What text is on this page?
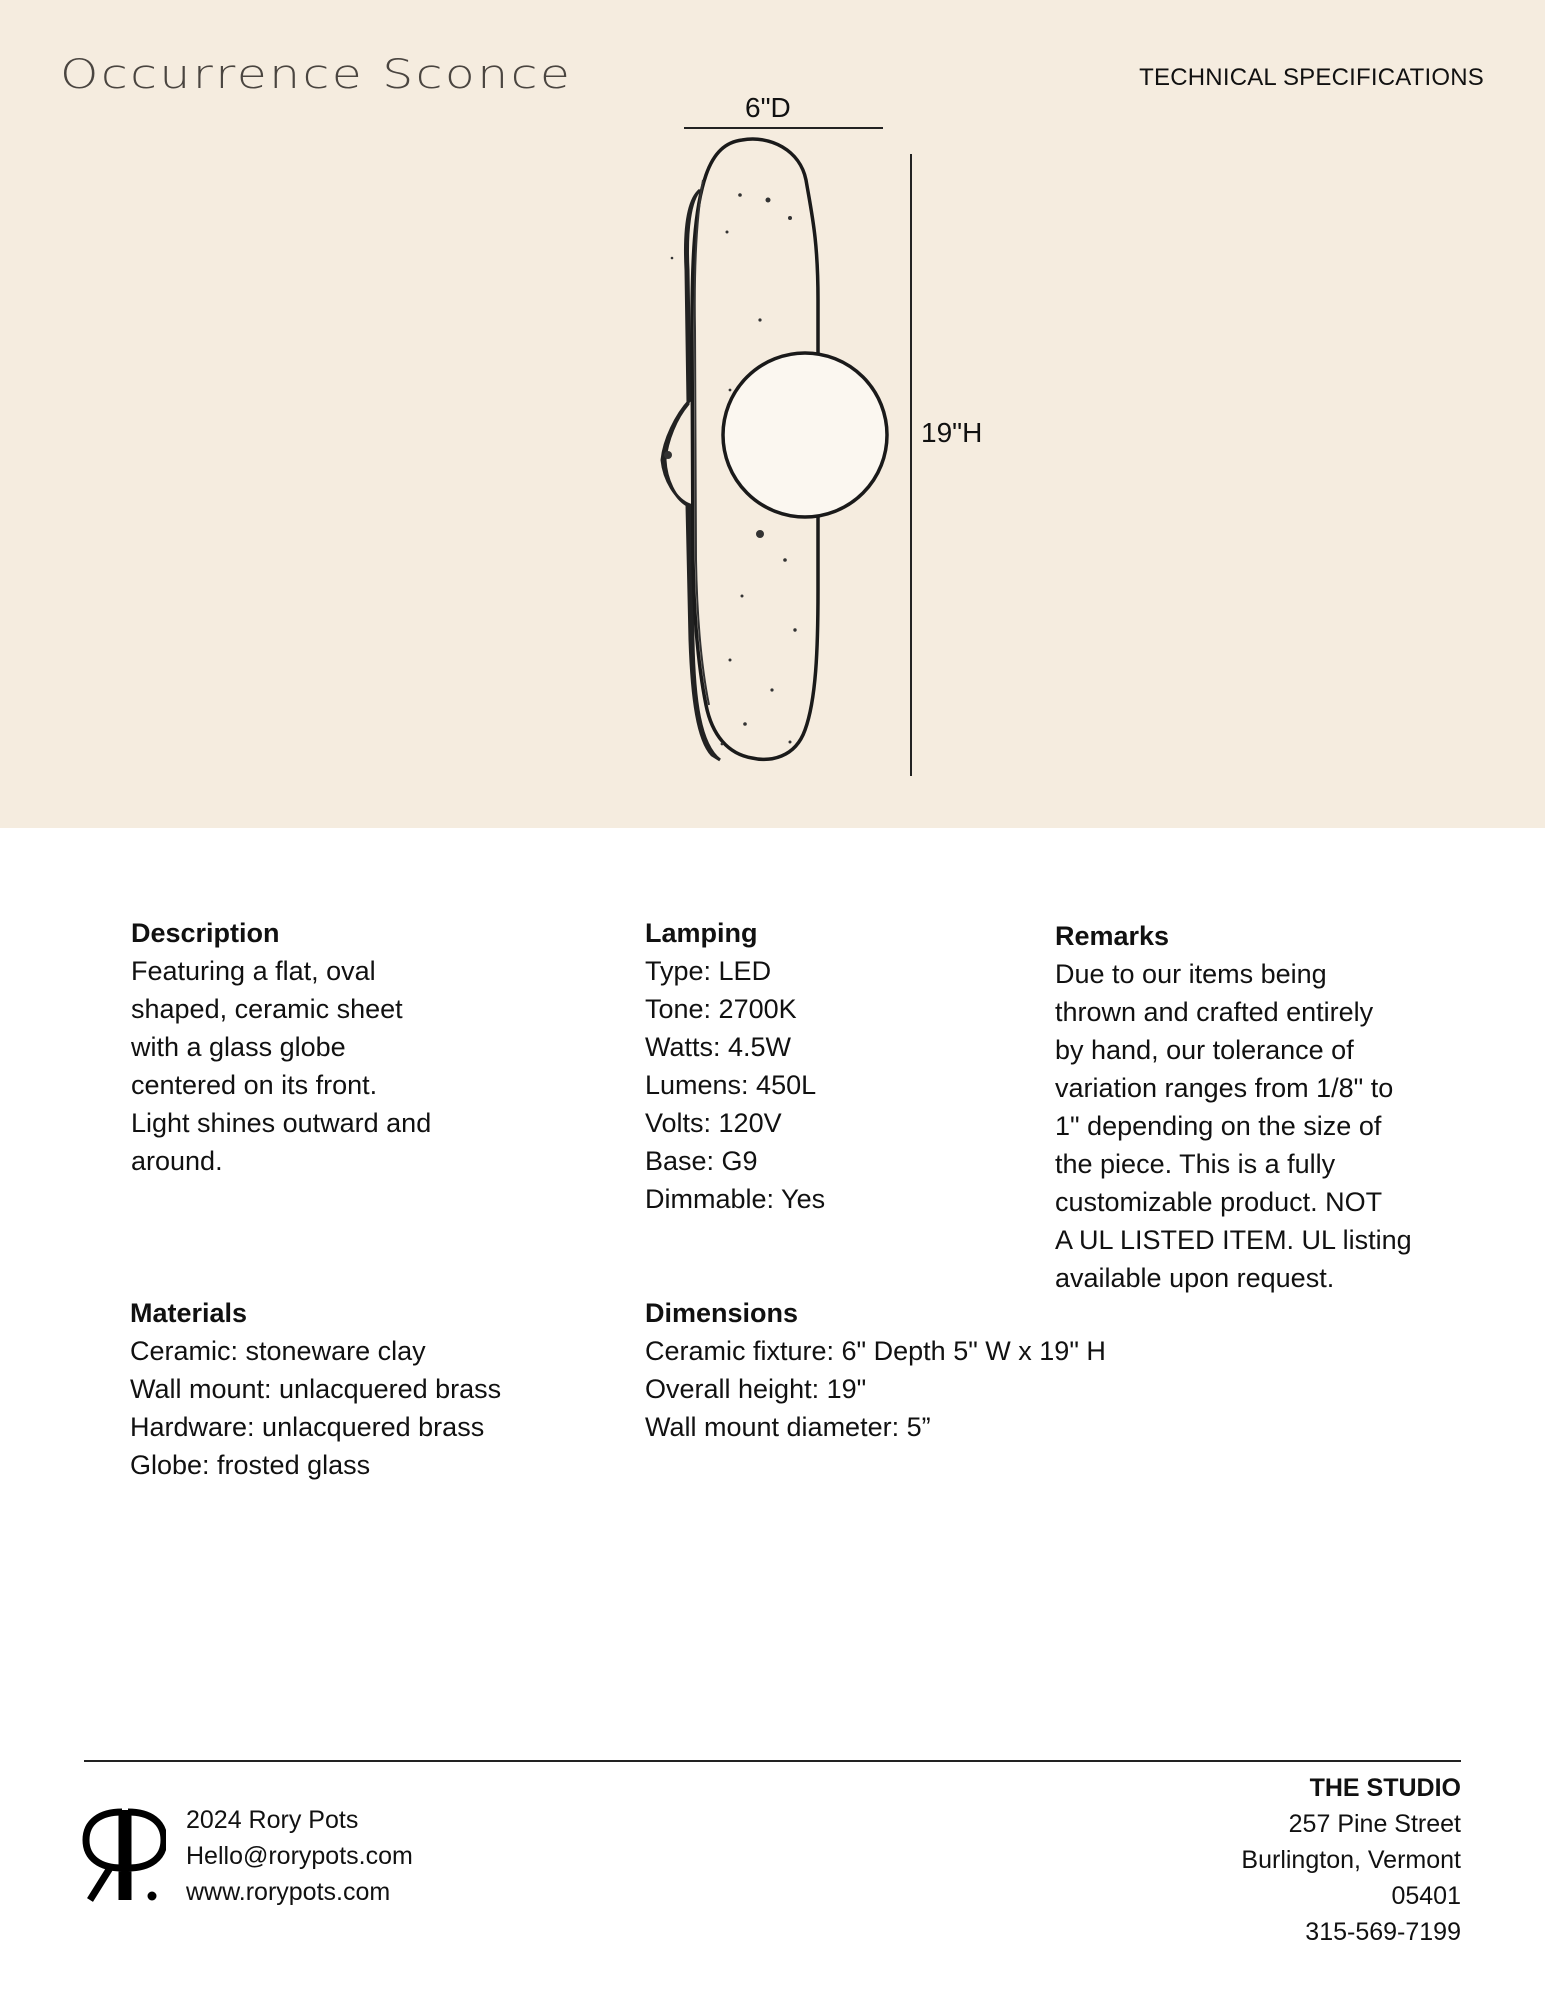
Occurrence Sconce	TECHNICAL SPECIFICATIONS
6"D
19"H
Description

Featuring a flat, oval
shaped, ceramic sheet
with a glass globe
centered on its front.
Light shines outward and
around.

Lamping

Type: LED
Tone: 2700K
Watts: 4.5W
Lumens: 450L
Volts: 120V
Base: G9
Dimmable: Yes

Remarks

Due to our items being
thrown and crafted entirely
by hand, our tolerance of
variation ranges from 1/8" to
1" depending on the size of
the piece. This is a fully
customizable product. NOT
A UL LISTED ITEM. UL listing
available upon request.

Materials

Ceramic: stoneware clay
Wall mount: unlacquered brass
Hardware: unlacquered brass
Globe: frosted glass

Dimensions

Ceramic fixture: 6" Depth 5" W x 19" H
Overall height: 19"
Wall mount diameter: 5”

2024 Rory Pots
Hello@rorypots.com
www.rorypots.com
THE STUDIO
257 Pine Street
Burlington, Vermont
05401
315-569-7199
